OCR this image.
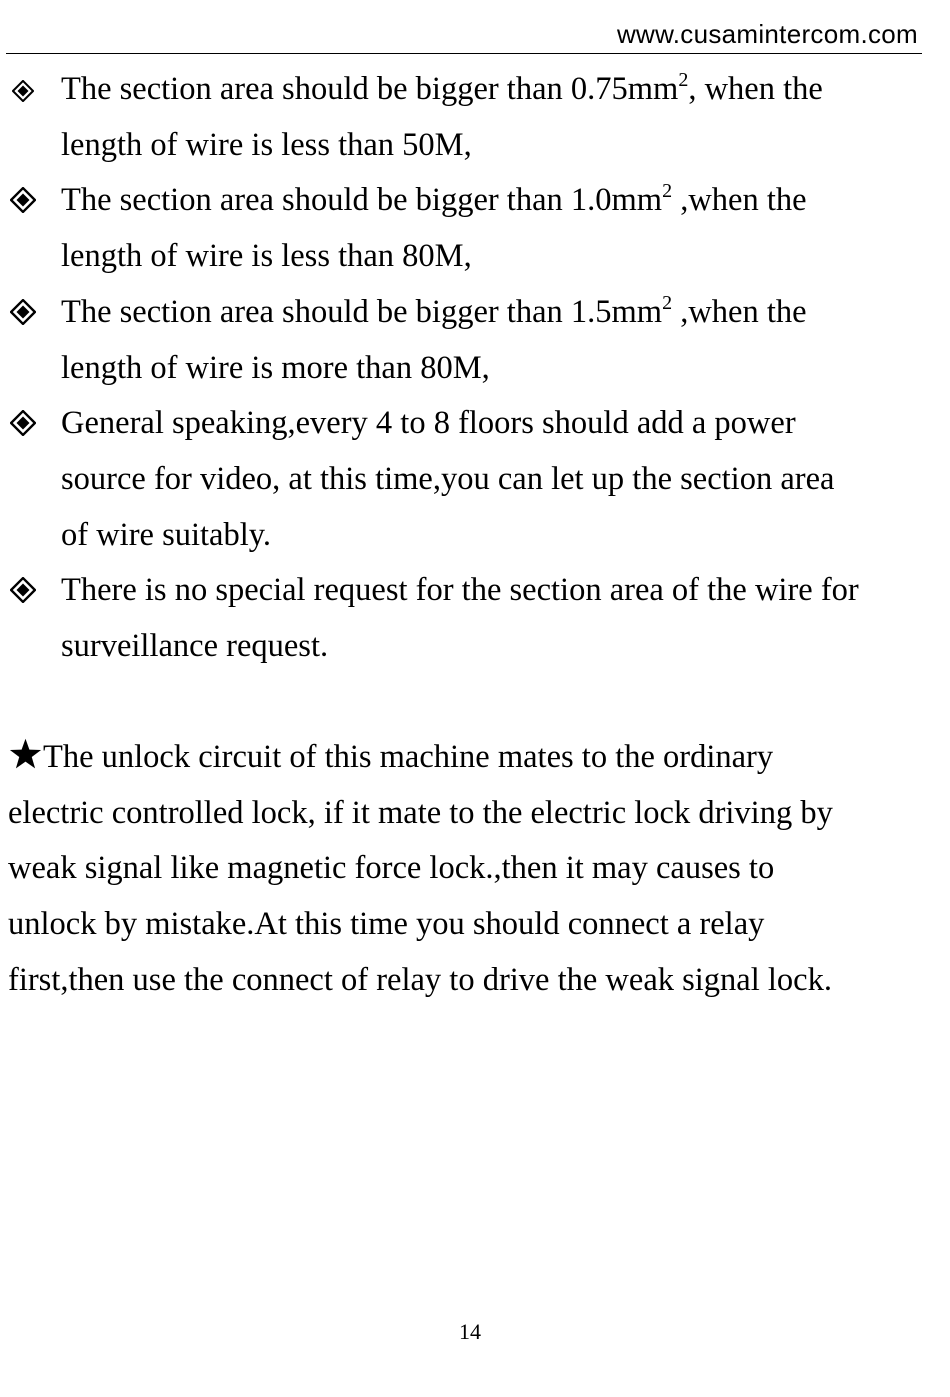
www.cusamintercom.com
The section area should be bigger than $0.75mm^2$, when the
length of wire is less than 50M,
The section area should be bigger than $1.0mm^2$ ,when the
length of wire is less than 80M,
The section area should be bigger than $1.5mm^2$ ,when the
length of wire is more than 80M,
General speaking,every 4 to 8 floors should add a power
source for video, at this time,you can let up the section area
of wire suitably.
There is no special request for the section area of the wire for
surveillance request.
The unlock circuit of this machine mates to the ordinary
electric controlled lock, if it mate to the electric lock driving by
weak signal like magnetic force lock.,then it may causes to
unlock by mistake.At this time you should connect a relay
first,then use the connect of relay to drive the weak signal lock.
14
